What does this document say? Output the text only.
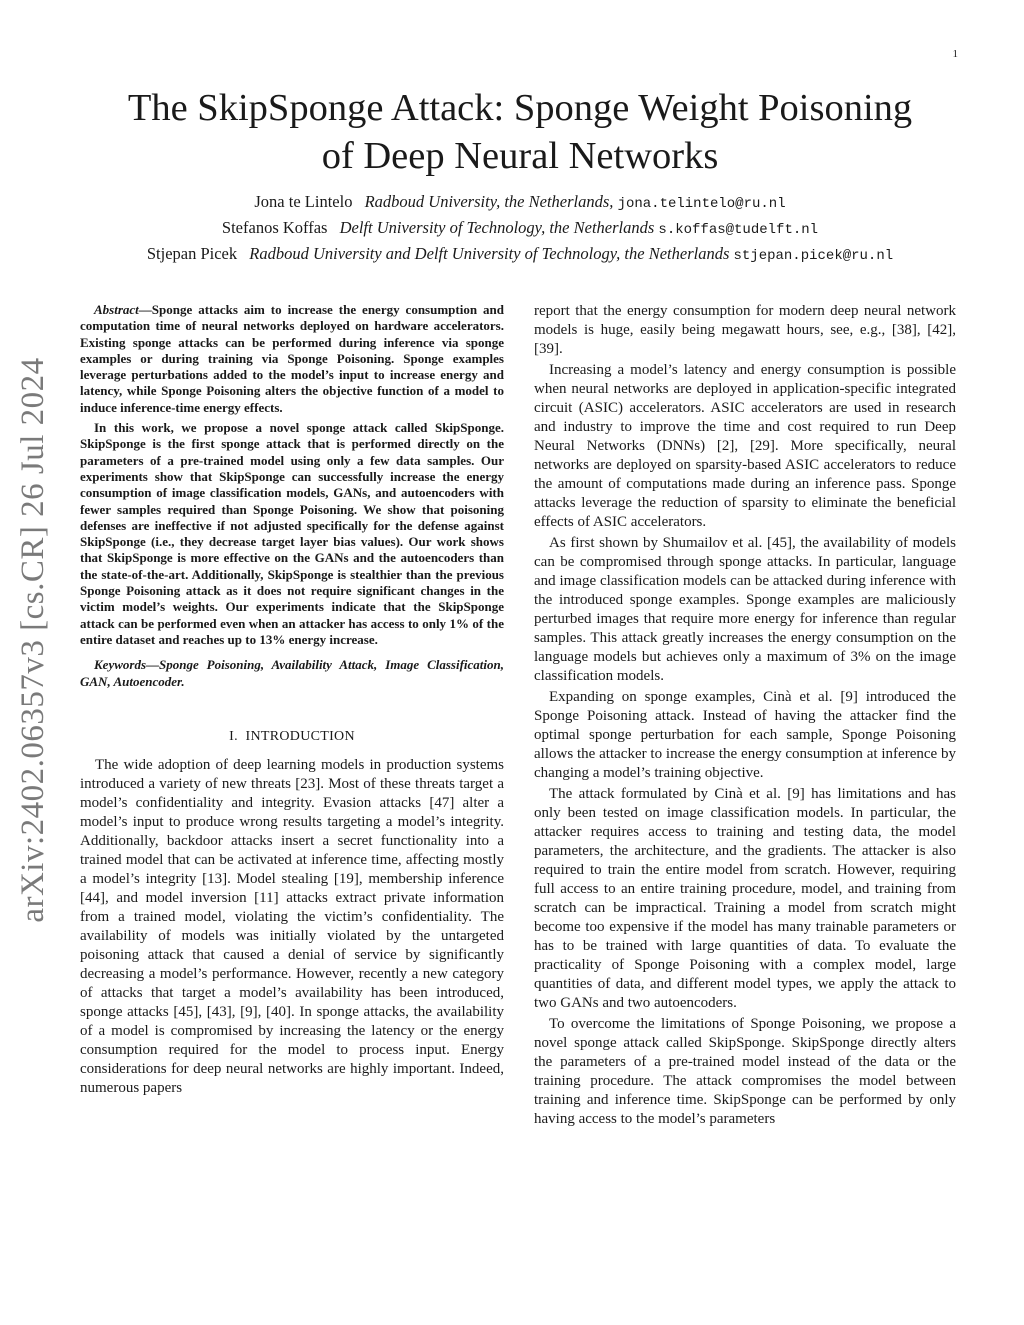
1
arXiv:2402.06357v3 [cs.CR] 26 Jul 2024
The SkipSponge Attack: Sponge Weight Poisoning
of Deep Neural Networks
Jona te Lintelo Radboud University, the Netherlands, jona.telintelo@ru.nl
Stefanos Koffas Delft University of Technology, the Netherlands s.koffas@tudelft.nl
Stjepan Picek Radboud University and Delft University of Technology, the Netherlands stjepan.picek@ru.nl

Abstract—Sponge attacks aim to increase the energy consumption and computation time of neural networks deployed on hardware accelerators. Existing sponge attacks can be performed during inference via sponge examples or during training via Sponge Poisoning. Sponge examples leverage perturbations added to the model’s input to increase energy and latency, while Sponge Poisoning alters the objective function of a model to induce inference-time energy effects.

In this work, we propose a novel sponge attack called SkipSponge. SkipSponge is the first sponge attack that is performed directly on the parameters of a pre-trained model using only a few data samples. Our experiments show that SkipSponge can successfully increase the energy consumption of image classification models, GANs, and autoencoders with fewer samples required than Sponge Poisoning. We show that poisoning defenses are ineffective if not adjusted specifically for the defense against SkipSponge (i.e., they decrease target layer bias values). Our work shows that SkipSponge is more effective on the GANs and the autoencoders than the state-of-the-art. Additionally, SkipSponge is stealthier than the previous Sponge Poisoning attack as it does not require significant changes in the victim model’s weights. Our experiments indicate that the SkipSponge attack can be performed even when an attacker has access to only 1% of the entire dataset and reaches up to 13% energy increase.

Keywords—Sponge Poisoning, Availability Attack, Image Classification, GAN, Autoencoder.

I. INTRODUCTION

The wide adoption of deep learning models in production systems introduced a variety of new threats [23]. Most of these threats target a model’s confidentiality and integrity. Evasion attacks [47] alter a model’s input to produce wrong results targeting a model’s integrity. Additionally, backdoor attacks insert a secret functionality into a trained model that can be activated at inference time, affecting mostly a model’s integrity [13]. Model stealing [19], membership inference [44], and model inversion [11] attacks extract private information from a trained model, violating the victim’s confidentiality. The availability of models was initially violated by the untargeted poisoning attack that caused a denial of service by significantly decreasing a model’s performance. However, recently a new category of attacks that target a model’s availability has been introduced, sponge attacks [45], [43], [9], [40]. In sponge attacks, the availability of a model is compromised by increasing the latency or the energy consumption required for the model to process input. Energy considerations for deep neural networks are highly important. Indeed, numerous papers

report that the energy consumption for modern deep neural network models is huge, easily being megawatt hours, see, e.g., [38], [42], [39].

Increasing a model’s latency and energy consumption is possible when neural networks are deployed in application-specific integrated circuit (ASIC) accelerators. ASIC accelerators are used in research and industry to improve the time and cost required to run Deep Neural Networks (DNNs) [2], [29]. More specifically, neural networks are deployed on sparsity-based ASIC accelerators to reduce the amount of computations made during an inference pass. Sponge attacks leverage the reduction of sparsity to eliminate the beneficial effects of ASIC accelerators.

As first shown by Shumailov et al. [45], the availability of models can be compromised through sponge attacks. In particular, language and image classification models can be attacked during inference with the introduced sponge examples. Sponge examples are maliciously perturbed images that require more energy for inference than regular samples. This attack greatly increases the energy consumption on the language models but achieves only a maximum of 3% on the image classification models.

Expanding on sponge examples, Cinà et al. [9] introduced the Sponge Poisoning attack. Instead of having the attacker find the optimal sponge perturbation for each sample, Sponge Poisoning allows the attacker to increase the energy consumption at inference by changing a model’s training objective.

The attack formulated by Cinà et al. [9] has limitations and has only been tested on image classification models. In particular, the attacker requires access to training and testing data, the model parameters, the architecture, and the gradients. The attacker is also required to train the entire model from scratch. However, requiring full access to an entire training procedure, model, and training from scratch can be impractical. Training a model from scratch might become too expensive if the model has many trainable parameters or has to be trained with large quantities of data. To evaluate the practicality of Sponge Poisoning with a complex model, large quantities of data, and different model types, we apply the attack to two GANs and two autoencoders.

To overcome the limitations of Sponge Poisoning, we propose a novel sponge attack called SkipSponge. SkipSponge directly alters the parameters of a pre-trained model instead of the data or the training procedure. The attack compromises the model between training and inference time. SkipSponge can be performed by only having access to the model’s parameters
